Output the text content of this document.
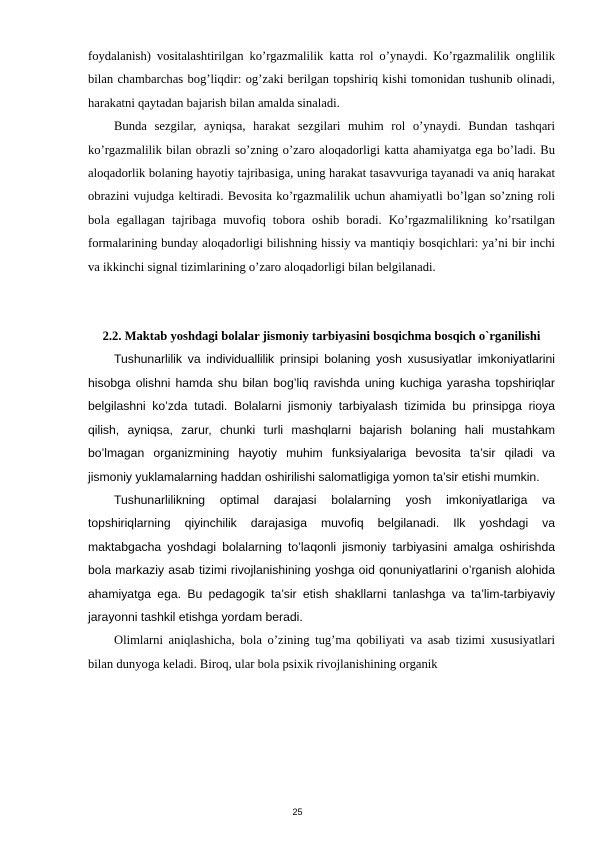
foydalanish) vositalashtirilgan ko’rgazmalilik katta rol o’ynaydi. Ko’rgazmalilik onglilik bilan chambarchas bog’liqdir: og’zaki berilgan topshiriq kishi tomonidan tushunib olinadi, harakatni qaytadan bajarish bilan amalda sinaladi.

Bunda sezgilar, ayniqsa, harakat sezgilari muhim rol o’ynaydi. Bundan tashqari ko’rgazmalilik bilan obrazli so’zning o’zaro aloqadorligi katta ahamiyatga ega bo’ladi. Bu aloqadorlik bolaning hayotiy tajribasiga, uning harakat tasavvuriga tayanadi va aniq harakat obrazini vujudga keltiradi. Bevosita ko’rgazmalilik uchun ahamiyatli bo’lgan so’zning roli bola egallagan tajribaga muvofiq tobora oshib boradi. Ko’rgazmalilikning ko’rsatilgan formalarining bunday aloqadorligi bilishning hissiy va mantiqiy bosqichlari: ya’ni bir inchi va ikkinchi signal tizimlarining o’zaro aloqadorligi bilan belgilanadi.

2.2. Maktab yoshdagi bolalar jismoniy tarbiyasini bosqichma bosqich o`rganilishi

Tushunarlilik va individuallilik prinsipi bolaning yosh xususiyatlar imkoniyatlarini hisobga olishni hamda shu bilan bog’liq ravishda uning kuchiga yarasha topshiriqlar belgilashni ko’zda tutadi. Bolalarni jismoniy tarbiyalash tizimida bu prinsipga rioya qilish, ayniqsa, zarur, chunki turli mashqlarni bajarish bolaning hali mustahkam bo’lmagan organizmining hayotiy muhim funksiyalariga bevosita ta’sir qiladi va jismoniy yuklamalarning haddan oshirilishi salomatligiga yomon ta’sir etishi mumkin.

Tushunarlilikning optimal darajasi bolalarning yosh imkoniyatlariga va topshiriqlarning qiyinchilik darajasiga muvofiq belgilanadi. Ilk yoshdagi va maktabgacha yoshdagi bolalarning to’laqonli jismoniy tarbiyasini amalga oshirishda bola markaziy asab tizimi rivojlanishining yoshga oid qonuniyatlarini o’rganish alohida ahamiyatga ega. Bu pedagogik ta’sir etish shakllarni tanlashga va ta’lim-tarbiyaviy jarayonni tashkil etishga yordam beradi.

Olimlarni aniqlashicha, bola o’zining tug’ma qobiliyati va asab tizimi xususiyatlari bilan dunyoga keladi. Biroq, ular bola psixik rivojlanishining organik

25
